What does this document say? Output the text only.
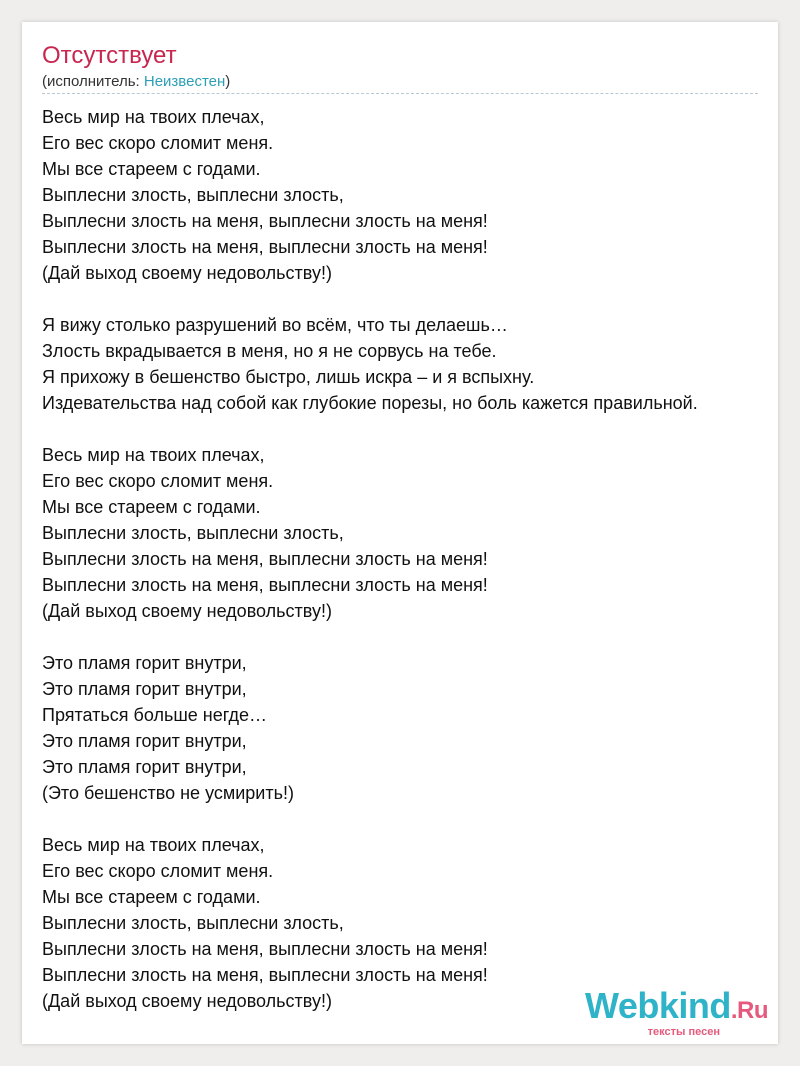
Отсутствует
(исполнитель: Неизвестен)
Весь мир на твоих плечах,
Его вес скоро сломит меня.
Мы все стареем с годами.
Выплесни злость, выплесни злость,
Выплесни злость на меня, выплесни злость на меня!
Выплесни злость на меня, выплесни злость на меня!
(Дай выход своему недовольству!)
Я вижу столько разрушений во всём, что ты делаешь…
Злость вкрадывается в меня, но я не сорвусь на тебе.
Я прихожу в бешенство быстро, лишь искра – и я вспыхну.
Издевательства над собой как глубокие порезы, но боль кажется правильной.
Весь мир на твоих плечах,
Его вес скоро сломит меня.
Мы все стареем с годами.
Выплесни злость, выплесни злость,
Выплесни злость на меня, выплесни злость на меня!
Выплесни злость на меня, выплесни злость на меня!
(Дай выход своему недовольству!)
Это пламя горит внутри,
Это пламя горит внутри,
Прятаться больше негде…
Это пламя горит внутри,
Это пламя горит внутри,
(Это бешенство не усмирить!)
Весь мир на твоих плечах,
Его вес скоро сломит меня.
Мы все стареем с годами.
Выплесни злость, выплесни злость,
Выплесни злость на меня, выплесни злость на меня!
Выплесни злость на меня, выплесни злость на меня!
(Дай выход своему недовольству!)	Webkind.Ru
тексты песен
